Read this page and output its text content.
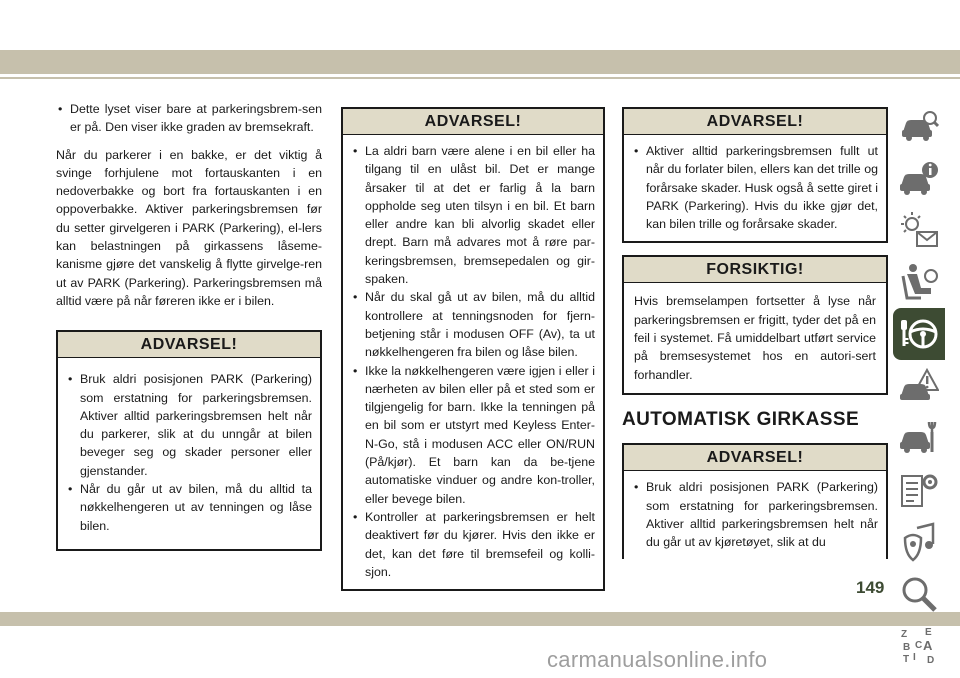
• Dette lyset viser bare at parkeringsbrem-sen er på. Den viser ikke graden av bremsekraft.

Når du parkerer i en bakke, er det viktig å svinge forhjulene mot fortauskanten i en nedoverbakke og bort fra fortauskanten i en oppoverbakke. Aktiver parkeringsbremsen før du setter girvelgeren i PARK (Parkering), el-lers kan belastningen på girkassens låseme-kanisme gjøre det vanskelig å flytte girvelge-ren ut av PARK (Parkering). Parkeringsbremsen må alltid være på når føreren ikke er i bilen.

ADVARSEL!
• Bruk aldri posisjonen PARK (Parkering) som erstatning for parkeringsbremsen. Aktiver alltid parkeringsbremsen helt når du parkerer, slik at du unngår at bilen beveger seg og skader personer eller gjenstander.
• Når du går ut av bilen, må du alltid ta nøkkelhengeren ut av tenningen og låse bilen.
ADVARSEL!
• La aldri barn være alene i en bil eller ha tilgang til en ulåst bil. Det er mange årsaker til at det er farlig å la barn oppholde seg uten tilsyn i en bil. Et barn eller andre kan bli alvorlig skadet eller drept. Barn må advares mot å røre par-keringsbremsen, bremsepedalen og gir-spaken.
• Når du skal gå ut av bilen, må du alltid kontrollere at tenningsnoden for fjern-betjening står i modusen OFF (Av), ta ut nøkkelhengeren fra bilen og låse bilen.
• Ikke la nøkkelhengeren være igjen i eller i nærheten av bilen eller på et sted som er tilgjengelig for barn. Ikke la tenningen på en bil som er utstyrt med Keyless Enter-N-Go, stå i modusen ACC eller ON/RUN (På/kjør). Et barn kan da be-tjene automatiske vinduer og andre kon-troller, eller bevege bilen.
• Kontroller at parkeringsbremsen er helt deaktivert før du kjører. Hvis den ikke er det, kan det føre til bremsefeil og kolli-sjon.
ADVARSEL!
• Aktiver alltid parkeringsbremsen fullt ut når du forlater bilen, ellers kan det trille og forårsake skader. Husk også å sette giret i PARK (Parkering). Hvis du ikke gjør det, kan bilen trille og forårsake skader.
FORSIKTIG!
Hvis bremselampen fortsetter å lyse når parkeringsbremsen er frigitt, tyder det på en feil i systemet. Få umiddelbart utført service på bremsesystemet hos en autori-sert forhandler.
AUTOMATISK GIRKASSE
ADVARSEL!
• Bruk aldri posisjonen PARK (Parkering) som erstatning for parkeringsbremsen. Aktiver alltid parkeringsbremsen helt når du går ut av kjøretøyet, slik at du
Z E
B A
I
C
T D
149
carmanualsonline.info
